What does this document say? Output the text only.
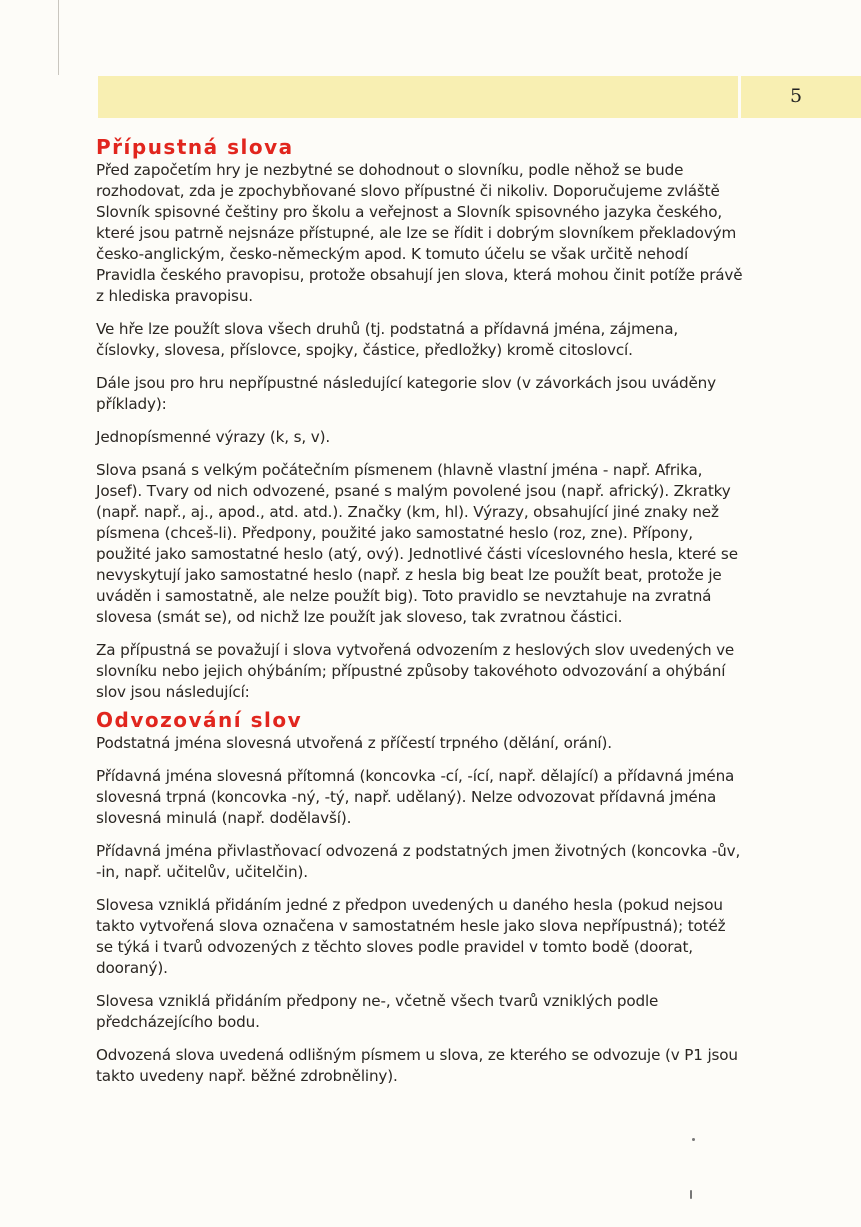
5
Přípustná slova

Před započetím hry je nezbytné se dohodnout o slovníku, podle něhož se bude rozhodovat, zda je zpochybňované slovo přípustné či nikoliv. Doporučujeme zvláště Slovník spisovné češtiny pro školu a veřejnost a Slovník spisovného jazyka českého, které jsou patrně nejsnáze přístupné, ale lze se řídit i dobrým slovníkem překladovým česko-anglickým, česko-německým apod. K tomuto účelu se však určitě nehodí Pravidla českého pravopisu, protože obsahují jen slova, která mohou činit potíže právě z hlediska pravopisu.

Ve hře lze použít slova všech druhů (tj. podstatná a přídavná jména, zájmena, číslovky, slovesa, příslovce, spojky, částice, předložky) kromě citoslovcí.

Dále jsou pro hru nepřípustné následující kategorie slov (v závorkách jsou uváděny příklady):

Jednopísmenné výrazy (k, s, v).

Slova psaná s velkým počátečním písmenem (hlavně vlastní jména - např. Afrika, Josef). Tvary od nich odvozené, psané s malým povolené jsou (např. africký). Zkratky (např. např., aj., apod., atd. atd.). Značky (km, hl). Výrazy, obsahující jiné znaky než písmena (chceš-li). Předpony, použité jako samostatné heslo (roz, zne). Přípony, použité jako samostatné heslo (atý, ový). Jednotlivé části víceslovného hesla, které se nevyskytují jako samostatné heslo (např. z hesla big beat lze použít beat, protože je uváděn i samostatně, ale nelze použít big). Toto pravidlo se nevztahuje na zvratná slovesa (smát se), od nichž lze použít jak sloveso, tak zvratnou částici.

Za přípustná se považují i slova vytvořená odvozením z heslových slov uvedených ve slovníku nebo jejich ohýbáním; přípustné způsoby takovéhoto odvozování a ohýbání slov jsou následující:

Odvozování slov

Podstatná jména slovesná utvořená z příčestí trpného (dělání, orání).

Přídavná jména slovesná přítomná (koncovka -cí, -ící, např. dělající) a přídavná jména slovesná trpná (koncovka -ný, -tý, např. udělaný). Nelze odvozovat přídavná jména slovesná minulá (např. dodělavší).

Přídavná jména přivlastňovací odvozená z podstatných jmen životných (koncovka -ův, -in, např. učitelův, učitelčin).

Slovesa vzniklá přidáním jedné z předpon uvedených u daného hesla (pokud nejsou takto vytvořená slova označena v samostatném hesle jako slova nepřípustná); totéž se týká i tvarů odvozených z těchto sloves podle pravidel v tomto bodě (doorat, dooraný).

Slovesa vzniklá přidáním předpony ne-, včetně všech tvarů vzniklých podle předcházejícího bodu.

Odvozená slova uvedená odlišným písmem u slova, ze kterého se odvozuje (v P1 jsou takto uvedeny např. běžné zdrobněliny).
